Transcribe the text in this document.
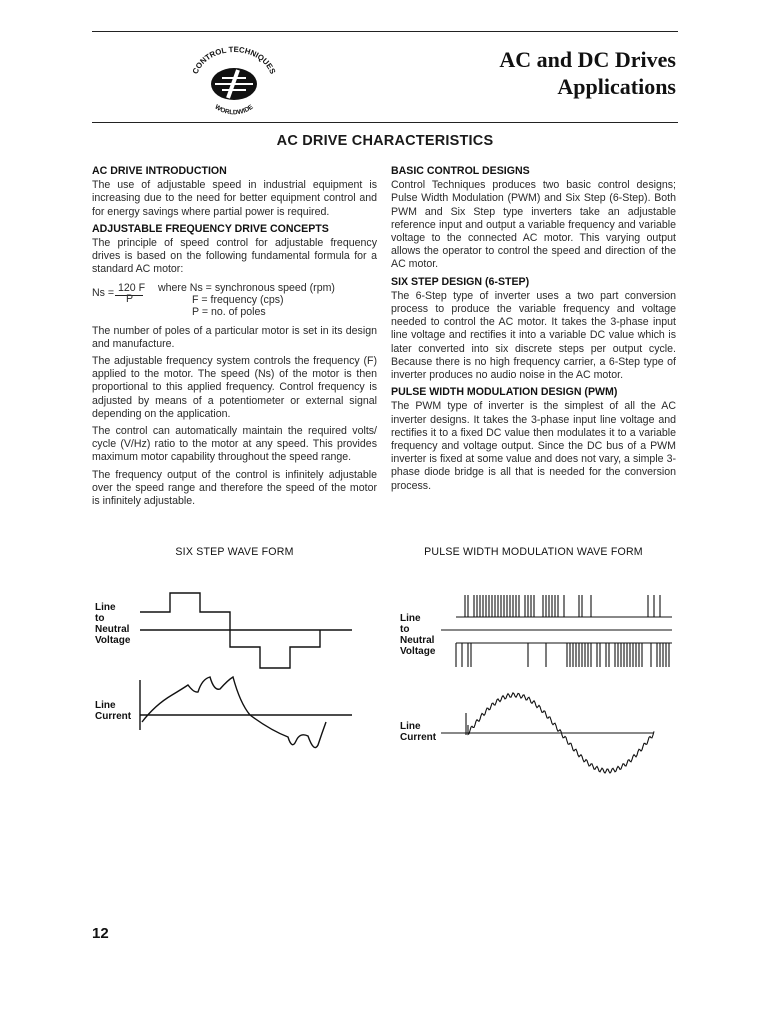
CONTROL TECHNIQUES
WORLDWIDE
AC and DC Drives
Applications
AC DRIVE CHARACTERISTICS
AC DRIVE INTRODUCTION

The use of adjustable speed in industrial equipment is increasing due to the need for better equipment control and for energy savings where partial power is required.

ADJUSTABLE FREQUENCY DRIVE CONCEPTS

The principle of speed control for adjustable frequency drives is based on the following fundamental formula for a standard AC motor:

Ns = 120 F
P
where Ns = synchronous speed (rpm)
F = frequency (cps)
P = no. of poles

The number of poles of a particular motor is set in its design and manufacture.

The adjustable frequency system controls the frequency (F) applied to the motor. The speed (Ns) of the motor is then proportional to this applied frequency. Control frequency is adjusted by means of a potentiometer or external signal depending on the application.

The control can automatically maintain the required volts/ cycle (V/Hz) ratio to the motor at any speed. This provides maximum motor capability throughout the speed range.

The frequency output of the control is infinitely adjustable over the speed range and therefore the speed of the motor is infinitely adjustable.

BASIC CONTROL DESIGNS

Control Techniques produces two basic control designs; Pulse Width Modulation (PWM) and Six Step (6-Step). Both PWM and Six Step type inverters take an adjustable reference input and output a variable frequency and variable voltage to the connected AC motor. This varying output allows the operator to control the speed and direction of the AC motor.

SIX STEP DESIGN (6-STEP)

The 6-Step type of inverter uses a two part conversion process to produce the variable frequency and voltage needed to control the AC motor. It takes the 3-phase input line voltage and rectifies it into a variable DC value which is later converted into six discrete steps per output cycle. Because there is no high frequency carrier, a 6-Step type of inverter produces no audio noise in the AC motor.

PULSE WIDTH MODULATION DESIGN (PWM)

The PWM type of inverter is the simplest of all the AC inverter designs. It takes the 3-phase input line voltage and rectifies it to a fixed DC value then modulates it to a variable frequency and voltage output. Since the DC bus of a PWM inverter is fixed at some value and does not vary, a simple 3-phase diode bridge is all that is needed for the conversion process.

SIX STEP WAVE FORM	PULSE WIDTH MODULATION WAVE FORM
Line
to
Neutral
Voltage
Line
Current
Line
to
Neutral
Voltage
Line
Current
12
